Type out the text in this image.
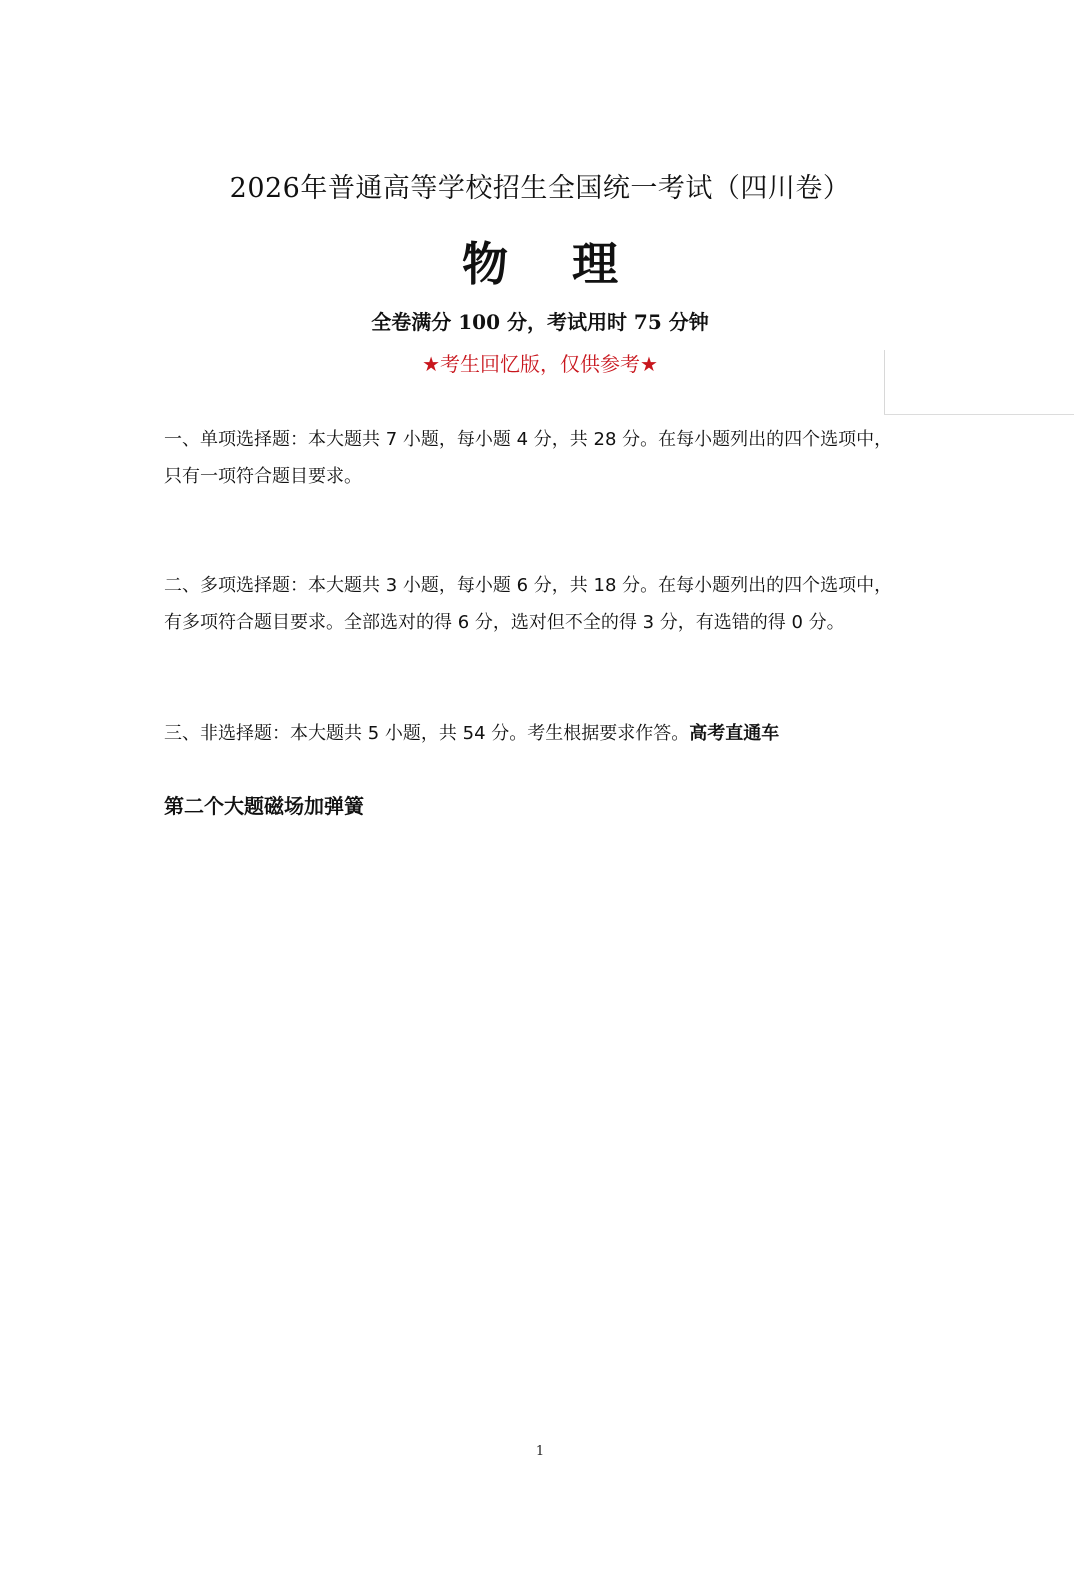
2026年普通高等学校招生全国统一考试（四川卷）
物 理
全卷满分 100 分，考试用时 75 分钟
★考生回忆版，仅供参考★
一、单项选择题：本大题共 7 小题，每小题 4 分，共 28 分。在每小题列出的四个选项中，
只有一项符合题目要求。
二、多项选择题：本大题共 3 小题，每小题 6 分，共 18 分。在每小题列出的四个选项中，
有多项符合题目要求。全部选对的得 6 分，选对但不全的得 3 分，有选错的得 0 分。
三、非选择题：本大题共 5 小题，共 54 分。考生根据要求作答。高考直通车
第二个大题磁场加弹簧
1
